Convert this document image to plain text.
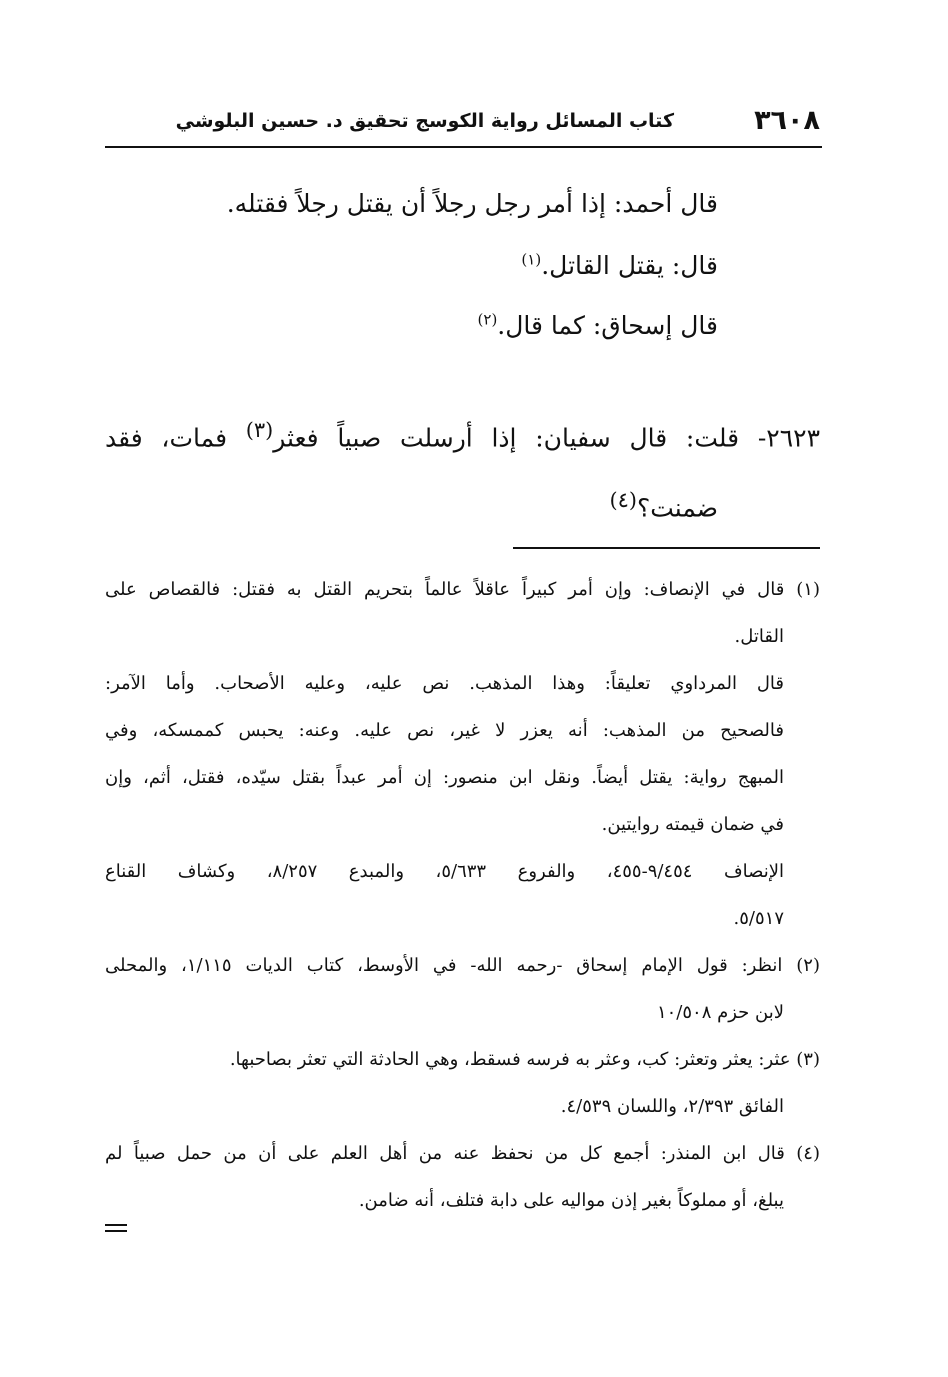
٣٦٠٨
كتاب المسائل رواية الكوسج تحقيق د. حسين البلوشي
قال أحمد: إذا أمر رجل رجلاً أن يقتل رجلاً فقتله.
قال: يقتل القاتل.$^{(١)}$
قال إسحاق: كما قال.$^{(٢)}$
٢٦٢٣- قلت: قال سفيان: إذا أرسلت صبياً فعثر$^{(٣)}$ فمات، فقد
ضمنت؟$^{(٤)}$
(١) قال في الإنصاف: وإن أمر كبيراً عاقلاً عالماً بتحريم القتل به فقتل: فالقصاص على
القاتل.
قال المرداوي تعليقاً: وهذا المذهب. نص عليه، وعليه الأصحاب. وأما الآمر:
فالصحيح من المذهب: أنه يعزر لا غير، نص عليه. وعنه: يحبس كممسكه، وفي
المبهج رواية: يقتل أيضاً. ونقل ابن منصور: إن أمر عبداً بقتل سيّده، فقتل، أثم، وإن
في ضمان قيمته روايتين.
الإنصاف ٩/٤٥٤-٤٥٥، والفروع ٥/٦٣٣، والمبدع ٨/٢٥٧، وكشاف القناع
٥/٥١٧.
(٢) انظر: قول الإمام إسحاق -رحمه الله- في الأوسط، كتاب الديات ١/١١٥، والمحلى
لابن حزم ١٠/٥٠٨
(٣) عثر: يعثر وتعثر: كب، وعثر به فرسه فسقط، وهي الحادثة التي تعثر بصاحبها.
الفائق ٢/٣٩٣، واللسان ٤/٥٣٩.
(٤) قال ابن المنذر: أجمع كل من نحفظ عنه من أهل العلم على أن من حمل صبياً لم
يبلغ، أو مملوكاً بغير إذن مواليه على دابة فتلف، أنه ضامن.
